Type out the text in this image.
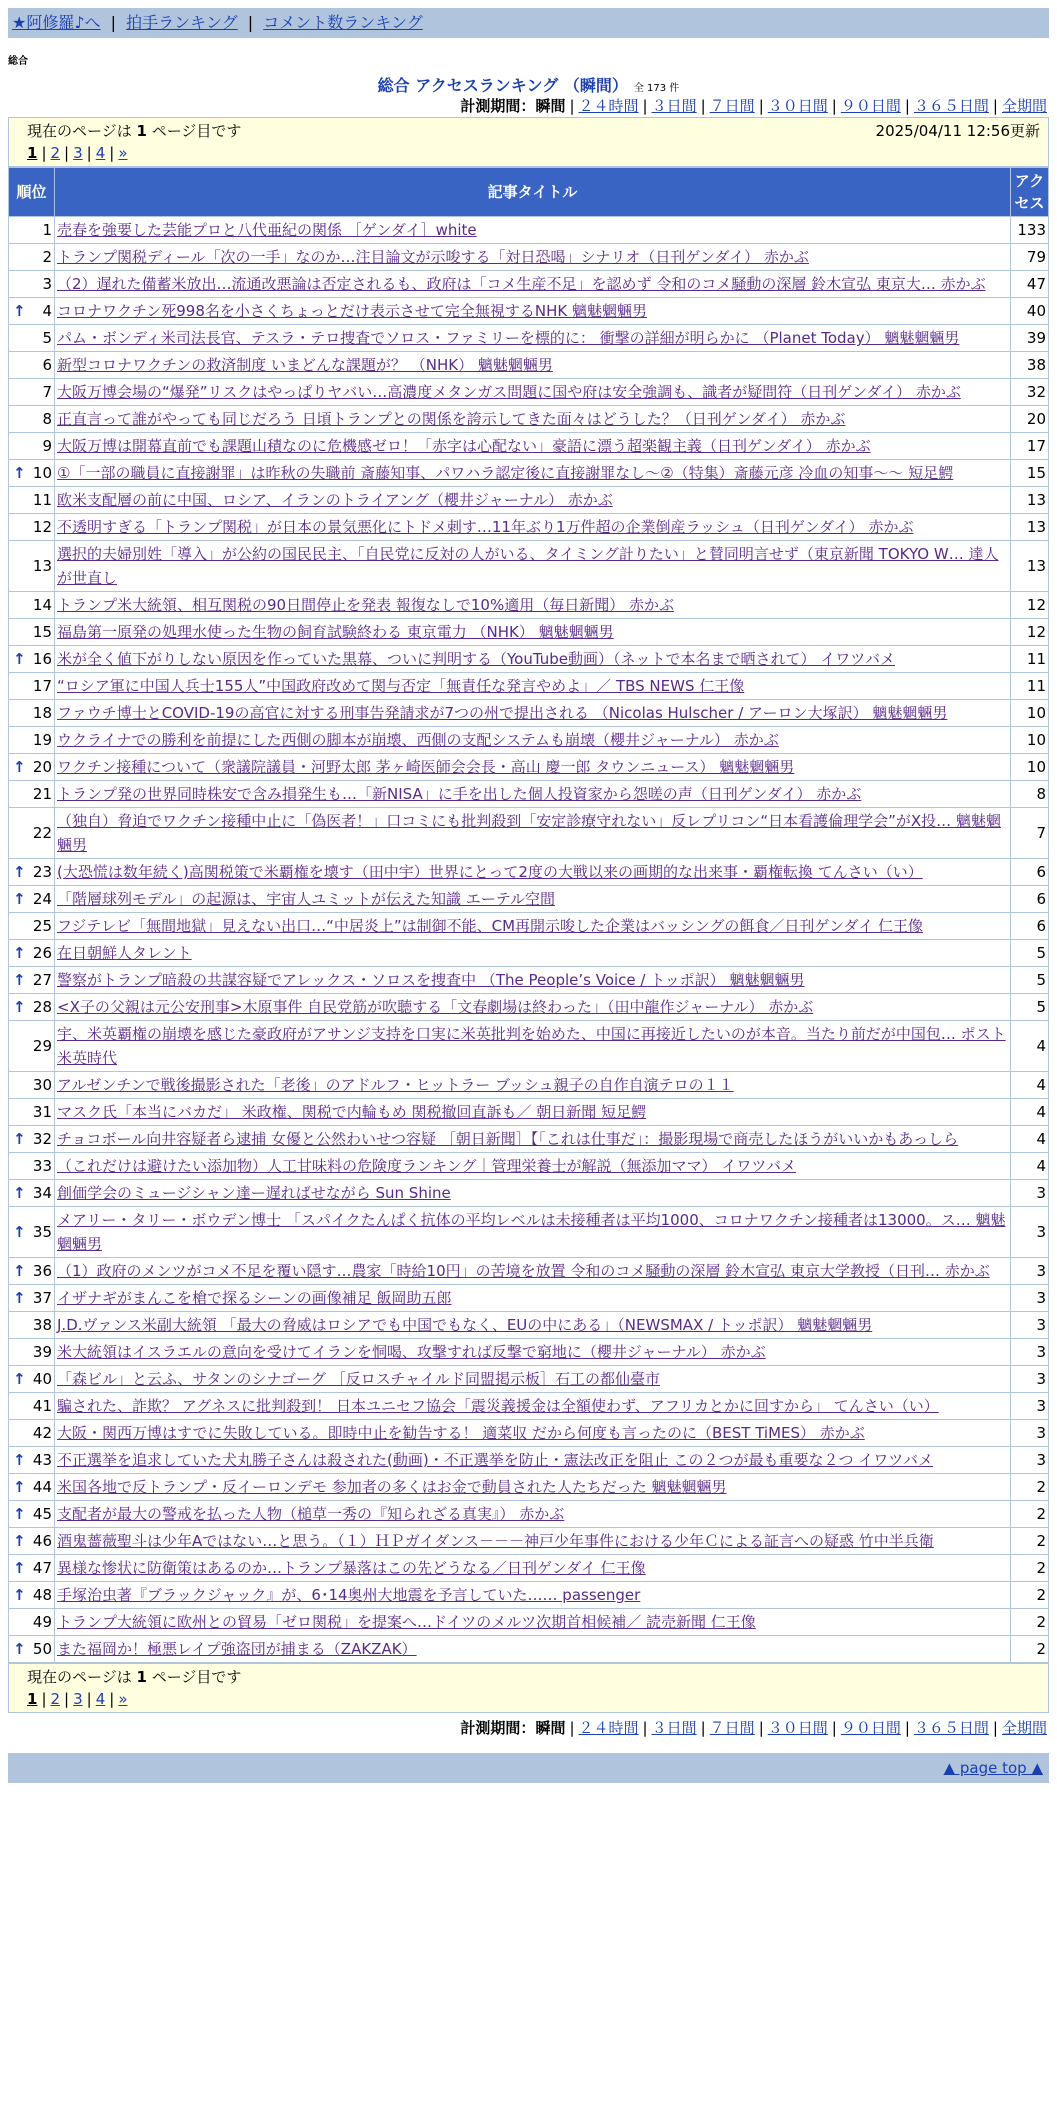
★阿修羅♪へ | 拍手ランキング | コメント数ランキング
総合
総合 アクセスランキング （瞬間） 全 173 件
計測期間：瞬間 | ２４時間 | ３日間 | ７日間 | ３０日間 | ９０日間 | ３６５日間 | 全期間
現在のページは 1 ページ目です	2025/04/11 12:56更新
1 | 2 | 3 | 4 | »
順位	記事タイトル	アクセス
1	売春を強要した芸能プロと八代亜紀の関係 ［ゲンダイ］white	133
2	トランプ関税ディール「次の一手」なのか…注目論文が示唆する「対日恐喝」シナリオ（日刊ゲンダイ） 赤かぶ	79
3	（2）遅れた備蓄米放出…流通改悪論は否定されるも、政府は「コメ生産不足」を認めず 令和のコメ騒動の深層 鈴木宣弘 東京大… 赤かぶ	47

↑ 4	コロナワクチン死998名を小さくちょっとだけ表示させて完全無視するNHK 魑魅魍魎男	40
5	パム・ボンディ米司法長官、テスラ・テロ捜査でソロス・ファミリーを標的に： 衝撃の詳細が明らかに （Planet Today） 魑魅魍魎男	39
6	新型コロナワクチンの救済制度 いまどんな課題が？ （NHK） 魑魅魍魎男	38
7	大阪万博会場の“爆発”リスクはやっぱりヤバい…高濃度メタンガス問題に国や府は安全強調も、識者が疑問符（日刊ゲンダイ） 赤かぶ	32
8	正直言って誰がやっても同じだろう 日頃トランプとの関係を誇示してきた面々はどうした？（日刊ゲンダイ） 赤かぶ	20
9	大阪万博は開幕直前でも課題山積なのに危機感ゼロ！「赤字は心配ない」豪語に漂う超楽観主義（日刊ゲンダイ） 赤かぶ	17

↑ 10	①「一部の職員に直接謝罪」は昨秋の失職前 斎藤知事、パワハラ認定後に直接謝罪なし～②（特集）斎藤元彦 冷血の知事～～ 短足鰐	15
11	欧米支配層の前に中国、ロシア、イランのトライアング（櫻井ジャーナル） 赤かぶ	13
12	不透明すぎる「トランプ関税」が日本の景気悪化にトドメ刺す…11年ぶり1万件超の企業倒産ラッシュ（日刊ゲンダイ） 赤かぶ	13
13	選択的夫婦別姓「導入」が公約の国民民主、「自民党に反対の人がいる、タイミング計りたい」と賛同明言せず（東京新聞 TOKYO W… 達人が世直し	13
14	トランプ米大統領、相互関税の90日間停止を発表 報復なしで10%適用（毎日新聞） 赤かぶ	12
15	福島第一原発の処理水使った生物の飼育試験終わる 東京電力 （NHK） 魑魅魍魎男	12

↑ 16	米が全く値下がりしない原因を作っていた黒幕、ついに判明する（YouTube動画）（ネットで本名まで晒されて） イワツバメ	11
17	“ロシア軍に中国人兵士155人”中国政府改めて関与否定「無責任な発言やめよ」／ TBS NEWS 仁王像	11
18	ファウチ博士とCOVID-19の高官に対する刑事告発請求が7つの州で提出される （Nicolas Hulscher / アーロン大塚訳） 魑魅魍魎男	10
19	ウクライナでの勝利を前提にした西側の脚本が崩壊、西側の支配システムも崩壊（櫻井ジャーナル） 赤かぶ	10

↑ 20	ワクチン接種について（衆議院議員・河野太郎 茅ヶ崎医師会会長・高山 慶一郎 タウンニュース） 魑魅魍魎男	10
21	トランプ発の世界同時株安で含み損発生も…「新NISA」に手を出した個人投資家から怨嗟の声（日刊ゲンダイ） 赤かぶ	8
22	（独自）脅迫でワクチン接種中止に「偽医者！」口コミにも批判殺到「安定診療守れない」反レプリコン“日本看護倫理学会”がX投… 魑魅魍魎男	7

↑ 23	(大恐慌は数年続く)高関税策で米覇権を壊す（田中宇）世界にとって2度の大戦以来の画期的な出来事・覇権転換 てんさい（い）	6

↑ 24	「階層球列モデル」の起源は、宇宙人ユミットが伝えた知識 エーテル空間	6
25	フジテレビ「無間地獄」見えない出口…“中居炎上”は制御不能、CM再開示唆した企業はバッシングの餌食／日刊ゲンダイ 仁王像	6

↑ 26	在日朝鮮人タレント	5

↑ 27	警察がトランプ暗殺の共謀容疑でアレックス・ソロスを捜査中 （The People’s Voice / トッポ訳） 魑魅魍魎男	5

↑ 28	<X子の父親は元公安刑事>木原事件 自民党筋が吹聴する「文春劇場は終わった」（田中龍作ジャーナル） 赤かぶ	5
29	宇、米英覇権の崩壊を感じた豪政府がアサンジ支持を口実に米英批判を始めた、中国に再接近したいのが本音。当たり前だが中国包… ポスト米英時代	4
30	アルゼンチンで戦後撮影された「老後」のアドルフ・ヒットラー ブッシュ親子の自作自演テロの１１	4
31	マスク氏「本当にバカだ」 米政権、関税で内輪もめ 関税撤回直訴も／ 朝日新聞 短足鰐	4

↑ 32	チョコボール向井容疑者ら逮捕 女優と公然わいせつ容疑 ［朝日新聞］【「これは仕事だ」：撮影現場で商売したほうがいいかもあっしら	4
33	（これだけは避けたい添加物）人工甘味料の危険度ランキング｜管理栄養士が解説（無添加ママ） イワツバメ	4

↑ 34	創価学会のミュージシャン達ー遅ればせながら Sun Shine	3

↑ 35	メアリー・タリー・ボウデン博士 「スパイクたんぱく抗体の平均レベルは未接種者は平均1000、コロナワクチン接種者は13000。ス… 魑魅魍魎男	3

↑ 36	（1）政府のメンツがコメ不足を覆い隠す…農家「時給10円」の苦境を放置 令和のコメ騒動の深層 鈴木宣弘 東京大学教授（日刊… 赤かぶ	3

↑ 37	イザナギがまんこを槍で探るシーンの画像補足 飯岡助五郎	3
38	J.D.ヴァンス米副大統領 「最大の脅威はロシアでも中国でもなく、EUの中にある」（NEWSMAX / トッポ訳） 魑魅魍魎男	3
39	米大統領はイスラエルの意向を受けてイランを恫喝、攻撃すれば反撃で窮地に（櫻井ジャーナル） 赤かぶ	3

↑ 40	「森ビル」と云ふ、サタンのシナゴーグ ［反ロスチャイルド同盟掲示板］石工の都仙臺市	3
41	騙された、詐欺？ アグネスに批判殺到！ 日本ユニセフ協会「震災義援金は全額使わず、アフリカとかに回すから」 てんさい（い）	3
42	大阪・関西万博はすでに失敗している。即時中止を勧告する！ 適菜収 だから何度も言ったのに（BEST TiMES） 赤かぶ	3

↑ 43	不正選挙を追求していた犬丸勝子さんは殺された(動画)・不正選挙を防止・憲法改正を阻止 この２つが最も重要な２つ イワツバメ	3

↑ 44	米国各地で反トランプ・反イーロンデモ 参加者の多くはお金で動員された人たちだった 魑魅魍魎男	2

↑ 45	支配者が最大の警戒を払った人物（槌草一秀の『知られざる真実』） 赤かぶ	2

↑ 46	酒鬼薔薇聖斗は少年Aではない…と思う。（１）ＨＰガイダンス－－－神戸少年事件における少年Ｃによる証言への疑惑 竹中半兵衛	2

↑ 47	異様な惨状に防衛策はあるのか…トランプ暴落はこの先どうなる／日刊ゲンダイ 仁王像	2

↑ 48	手塚治虫著『ブラックジャック』が、6･14奥州大地震を予言していた…… passenger	2
49	トランプ大統領に欧州との貿易「ゼロ関税」を提案へ…ドイツのメルツ次期首相候補／ 読売新聞 仁王像	2

↑ 50	また福岡か！極悪レイプ強盗団が捕まる（ZAKZAK）	2
現在のページは 1 ページ目です
1 | 2 | 3 | 4 | »
計測期間：瞬間 | ２４時間 | ３日間 | ７日間 | ３０日間 | ９０日間 | ３６５日間 | 全期間
▲ page top ▲
